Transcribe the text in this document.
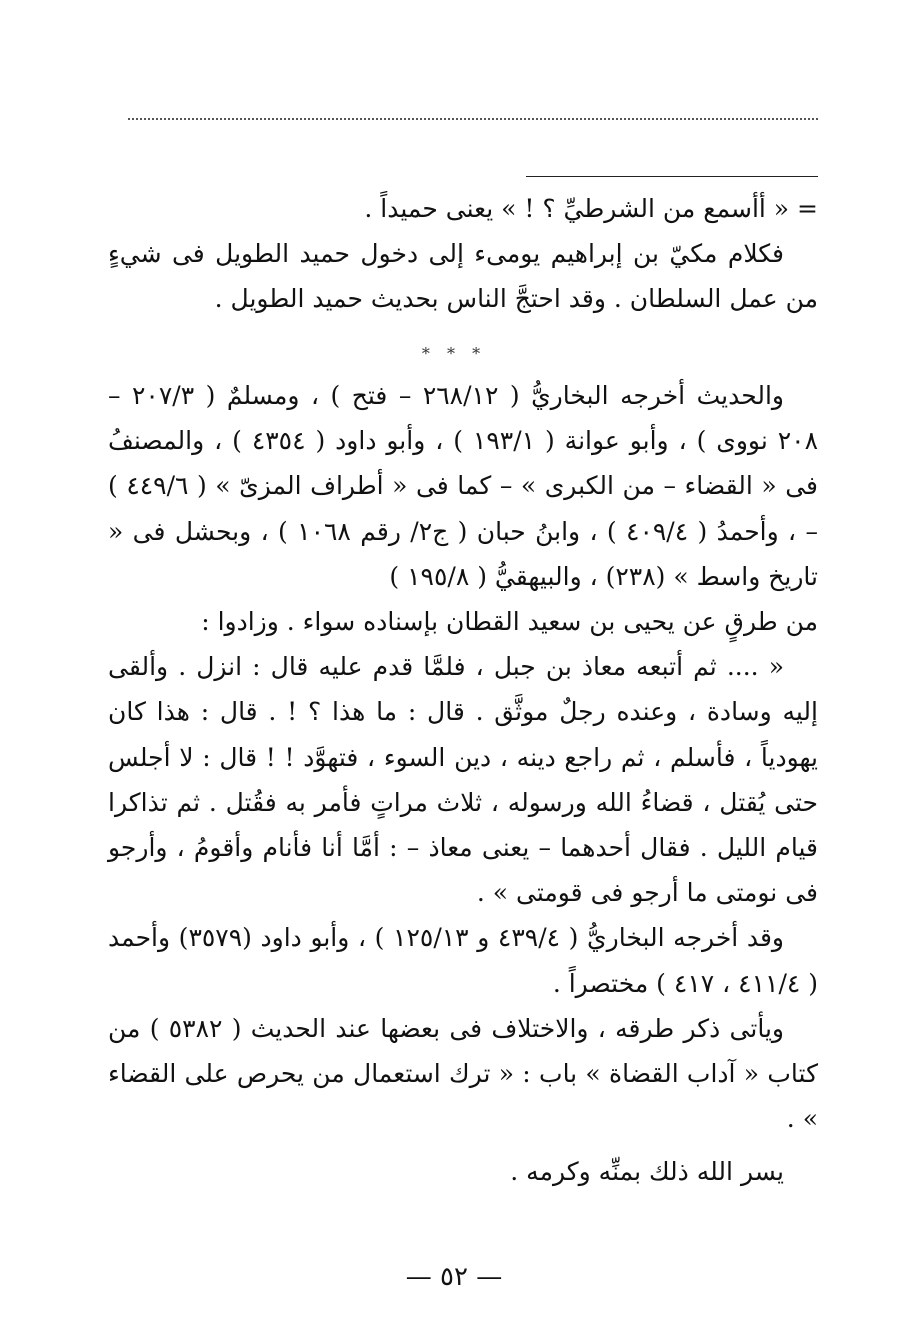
= « أأسمع من الشرطيِّ ؟ ! » يعنى حميداً .

فكلام مكيّ بن إبراهيم يومىء إلى دخول حميد الطويل فى شيءٍ من عمل السلطان . وقد احتجَّ الناس بحديث حميد الطويل .

* * *

والحديث أخرجه البخاريُّ ( ٢٦٨/١٢ – فتح ) ، ومسلمٌ ( ٢٠٧/٣ – ٢٠٨ نووى ) ، وأبو عوانة ( ١٩٣/١ ) ، وأبو داود ( ٤٣٥٤ ) ، والمصنفُ فى « القضاء – من الكبرى » – كما فى « أطراف المزىّ » ( ٤٤٩/٦ ) – ، وأحمدُ ( ٤٠٩/٤ ) ، وابنُ حبان ( ج٢/ رقم ١٠٦٨ ) ، وبحشل فى « تاريخ واسط » (٢٣٨) ، والبيهقيُّ ( ١٩٥/٨ )

من طرقٍ عن يحيى بن سعيد القطان بإسناده سواء . وزادوا :

« .... ثم أتبعه معاذ بن جبل ، فلمَّا قدم عليه قال : انزل . وألقى إليه وسادة ، وعنده رجلٌ موثَّق . قال : ما هذا ؟ ! . قال : هذا كان يهودياً ، فأسلم ، ثم راجع دينه ، دين السوء ، فتهوَّد ! ! قال : لا أجلس حتى يُقتل ، قضاءُ الله ورسوله ، ثلاث مراتٍ فأمر به فقُتل . ثم تذاكرا قيام الليل . فقال أحدهما – يعنى معاذ – : أمَّا أنا فأنام وأقومُ ، وأرجو فى نومتى ما أرجو فى قومتى » .

وقد أخرجه البخاريُّ ( ٤٣٩/٤ و ١٢٥/١٣ ) ، وأبو داود (٣٥٧٩) وأحمد ( ٤١١/٤ ، ٤١٧ ) مختصراً .

ويأتى ذكر طرقه ، والاختلاف فى بعضها عند الحديث ( ٥٣٨٢ ) من كتاب « آداب القضاة » باب : « ترك استعمال من يحرص على القضاء » .

يسر الله ذلك بمنِّه وكرمه .

— ٥٢ —
